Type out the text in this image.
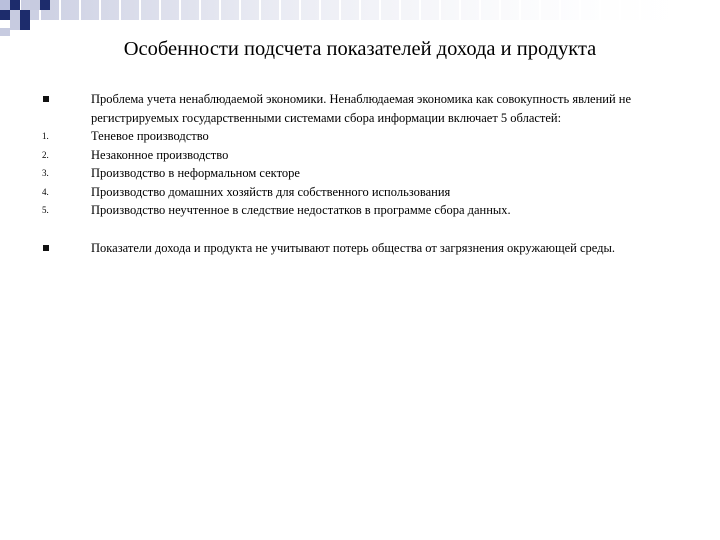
Особенности подсчета показателей дохода и продукта
Проблема учета ненаблюдаемой экономики. Ненаблюдаемая экономика как совокупность явлений не регистрируемых государственными системами сбора информации включает 5 областей:
1.	Теневое производство
2.	Незаконное производство
3.	Производство в неформальном секторе
4.	Производство домашних хозяйств для собственного использования
5.	Производство неучтенное в следствие недостатков в программе сбора данных.
Показатели дохода и продукта не учитывают потерь общества от загрязнения окружающей среды.
